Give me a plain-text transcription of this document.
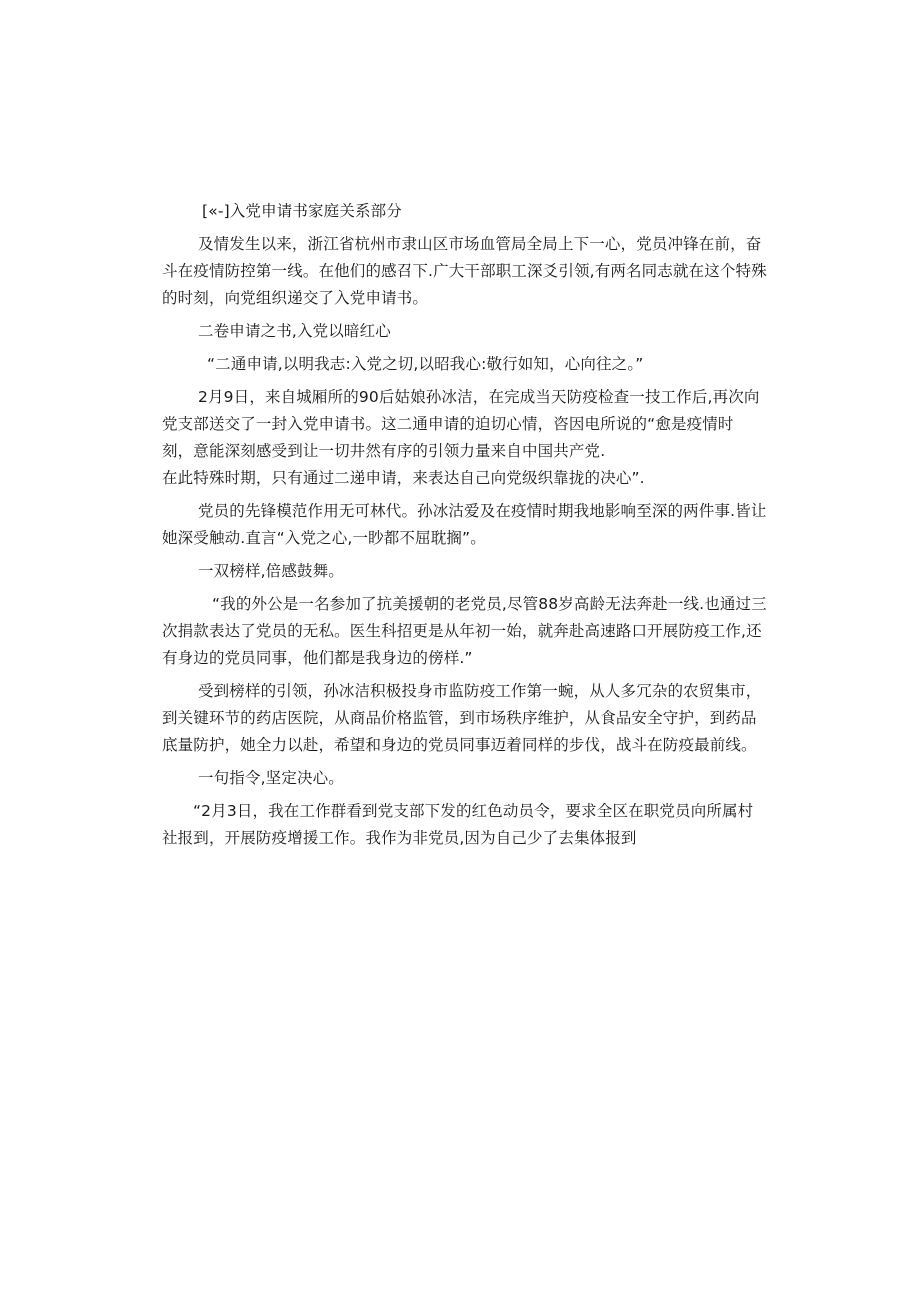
[«-]入党申请书家庭关系部分
及情发生以来，浙江省杭州市隶山区市场血管局全局上下一心，党员冲锋在前，奋
斗在疫情防控第一线。在他们的感召下.广大干部职工深爻引领,有两名同志就在这个特殊
的时刻，向党组织递交了入党申请书。
二卷申请之书,入党以暗红心
“二通申请,以明我志:入党之切,以昭我心:敬行如知，心向往之。”
2月9日，来自城厢所的90后姑娘孙冰洁，在完成当天防疫检查一技工作后,再次向
党支部送交了一封入党申请书。这二通申请的迫切心情，咨因电所说的“愈是疫情时
刻，意能深刻感受到让一切井然有序的引领力量来自中国共产党.
在此特殊时期，只有通过二递申请，来表达自己向党级织靠拢的决心”.
党员的先锋模范作用无可林代。孙冰沽爱及在疫情时期我地影响至深的两件事.皆让
她深受触动.直言“入党之心,一眇都不屈耽搁”。
一双榜样,倍感鼓舞。
“我的外公是一名参加了抗美援朝的老党员,尽管88岁高龄无法奔赴一线.也通过三
次捐款表达了党员的无私。医生科招更是从年初一始，就奔赴高速路口开展防疫工作,还
有身边的党员同事，他们都是我身边的傍样.”
受到榜样的引领，孙冰洁积极投身市监防疫工作第一蜿，从人多冗杂的农贸集市，
到关键环节的药店医院，从商品价格监管，到市场秩序维护，从食品安全守护，到药品
底量防护，她全力以赴，希望和身边的党员同事迈着同样的步伐，战斗在防疫最前线。
一句指令,坚定决心。
“2月3日，我在工作群看到党支部下发的红色动员令，要求全区在职党员向所属村
社报到，开展防疫增援工作。我作为非党员,因为自己少了去集体报到
